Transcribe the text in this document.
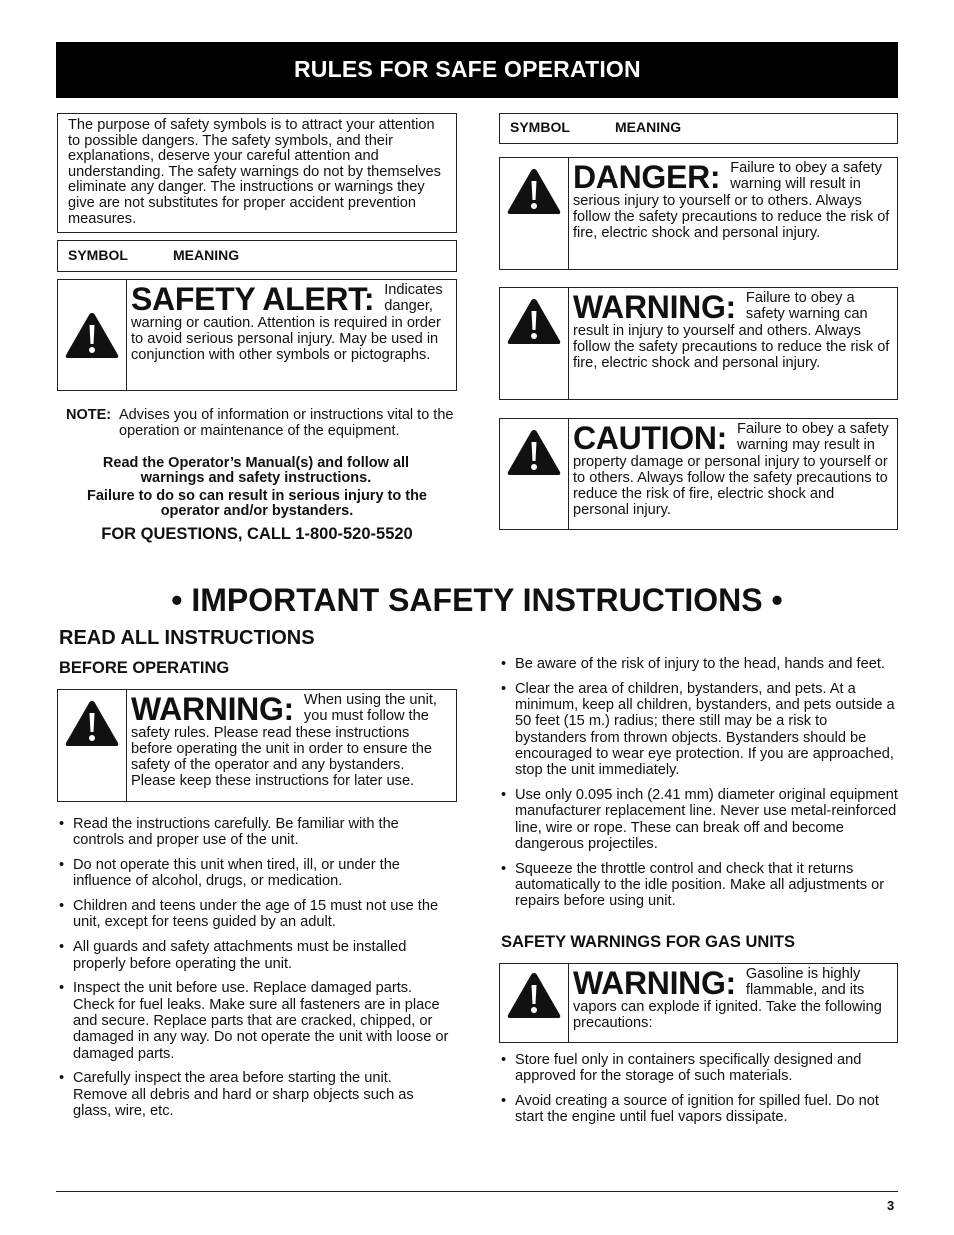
RULES FOR SAFE OPERATION
The purpose of safety symbols is to attract your attention to possible dangers. The safety symbols, and their explanations, deserve your careful attention and understanding. The safety warnings do not by themselves eliminate any danger. The instructions or warnings they give are not substitutes for proper accident prevention measures.
SYMBOL	MEANING
SAFETY ALERT: Indicates danger, warning or caution. Attention is required in order to avoid serious personal injury. May be used in conjunction with other symbols or pictographs.
NOTE: Advises you of information or instructions vital to the operation or maintenance of the equipment.
Read the Operator’s Manual(s) and follow all warnings and safety instructions.
Failure to do so can result in serious injury to the operator and/or bystanders.
FOR QUESTIONS, CALL 1-800-520-5520
SYMBOL	MEANING
DANGER: Failure to obey a safety warning will result in serious injury to yourself or to others. Always follow the safety precautions to reduce the risk of fire, electric shock and personal injury.
WARNING: Failure to obey a safety warning can result in injury to yourself and others. Always follow the safety precautions to reduce the risk of fire, electric shock and personal injury.
CAUTION: Failure to obey a safety warning may result in property damage or personal injury to yourself or to others. Always follow the safety precautions to reduce the risk of fire, electric shock and personal injury.
• IMPORTANT SAFETY INSTRUCTIONS •
READ ALL INSTRUCTIONS
BEFORE OPERATING
WARNING: When using the unit, you must follow the safety rules. Please read these instructions before operating the unit in order to ensure the safety of the operator and any bystanders. Please keep these instructions for later use.
• Read the instructions carefully. Be familiar with the controls and proper use of the unit.
• Do not operate this unit when tired, ill, or under the influence of alcohol, drugs, or medication.
• Children and teens under the age of 15 must not use the unit, except for teens guided by an adult.
• All guards and safety attachments must be installed properly before operating the unit.
• Inspect the unit before use. Replace damaged parts. Check for fuel leaks. Make sure all fasteners are in place and secure. Replace parts that are cracked, chipped, or damaged in any way. Do not operate the unit with loose or damaged parts.
• Carefully inspect the area before starting the unit. Remove all debris and hard or sharp objects such as glass, wire, etc.
• Be aware of the risk of injury to the head, hands and feet.
• Clear the area of children, bystanders, and pets. At a minimum, keep all children, bystanders, and pets outside a 50 feet (15 m.) radius; there still may be a risk to bystanders from thrown objects. Bystanders should be encouraged to wear eye protection. If you are approached, stop the unit immediately.
• Use only 0.095 inch (2.41 mm) diameter original equipment manufacturer replacement line. Never use metal-reinforced line, wire or rope. These can break off and become dangerous projectiles.
• Squeeze the throttle control and check that it returns automatically to the idle position. Make all adjustments or repairs before using unit.
SAFETY WARNINGS FOR GAS UNITS
WARNING: Gasoline is highly flammable, and its vapors can explode if ignited. Take the following precautions:
• Store fuel only in containers specifically designed and approved for the storage of such materials.
• Avoid creating a source of ignition for spilled fuel. Do not start the engine until fuel vapors dissipate.
3
